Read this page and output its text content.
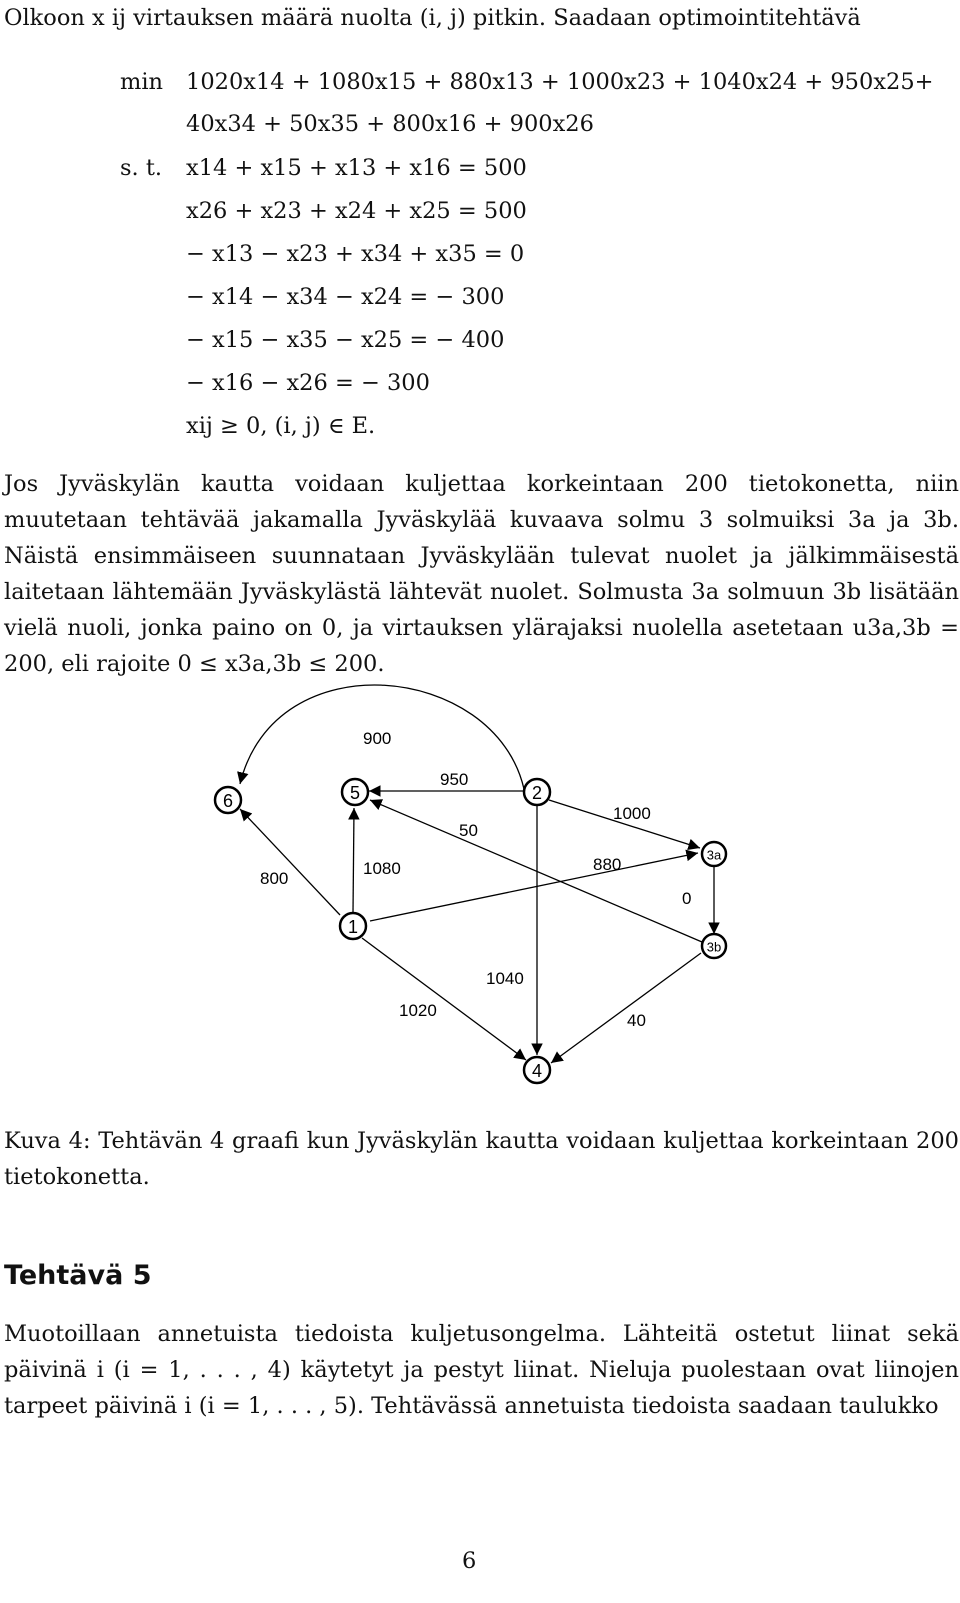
Olkoon x ij virtauksen määrä nuolta (i, j) pitkin. Saadaan optimointitehtävä
min 1020x14 + 1080x15 + 880x13 + 1000x23 + 1040x24 + 950x25+
40x34 + 50x35 + 800x16 + 900x26
s. t. x14 + x15 + x13 + x16 = 500
x26 + x23 + x24 + x25 = 500
− x13 − x23 + x34 + x35 = 0
− x14 − x34 − x24 = − 300
− x15 − x35 − x25 = − 400
− x16 − x26 = − 300
xij ≥ 0, (i, j) ∈ E.
Jos Jyväskylän kautta voidaan kuljettaa korkeintaan 200 tietokonetta, niin muutetaan tehtävää jakamalla Jyväskylää kuvaava solmu 3 solmuiksi 3a ja 3b. Näistä ensimmäiseen suunnataan Jyväskylään tulevat nuolet ja jälkimmäisestä laitetaan lähtemään Jyväskylästä lähtevät nuolet. Solmusta 3a solmuun 3b lisätään vielä nuoli, jonka paino on 0, ja virtauksen ylärajaksi nuolella asetetaan u3a,3b = 200, eli rajoite 0 ≤ x3a,3b ≤ 200.
6	5	2
1
4
3a
3b
900
950
50
1000
800
1080	880
0
1040
1020
40
Kuva 4: Tehtävän 4 graafi kun Jyväskylän kautta voidaan kuljettaa korkeintaan 200 tietokonetta.
Tehtävä 5
Muotoillaan annetuista tiedoista kuljetusongelma. Lähteitä ostetut liinat sekä päivinä i (i = 1, . . . , 4) käytetyt ja pestyt liinat. Nieluja puolestaan ovat liinojen tarpeet päivinä i (i = 1, . . . , 5). Tehtävässä annetuista tiedoista saadaan taulukko
6
